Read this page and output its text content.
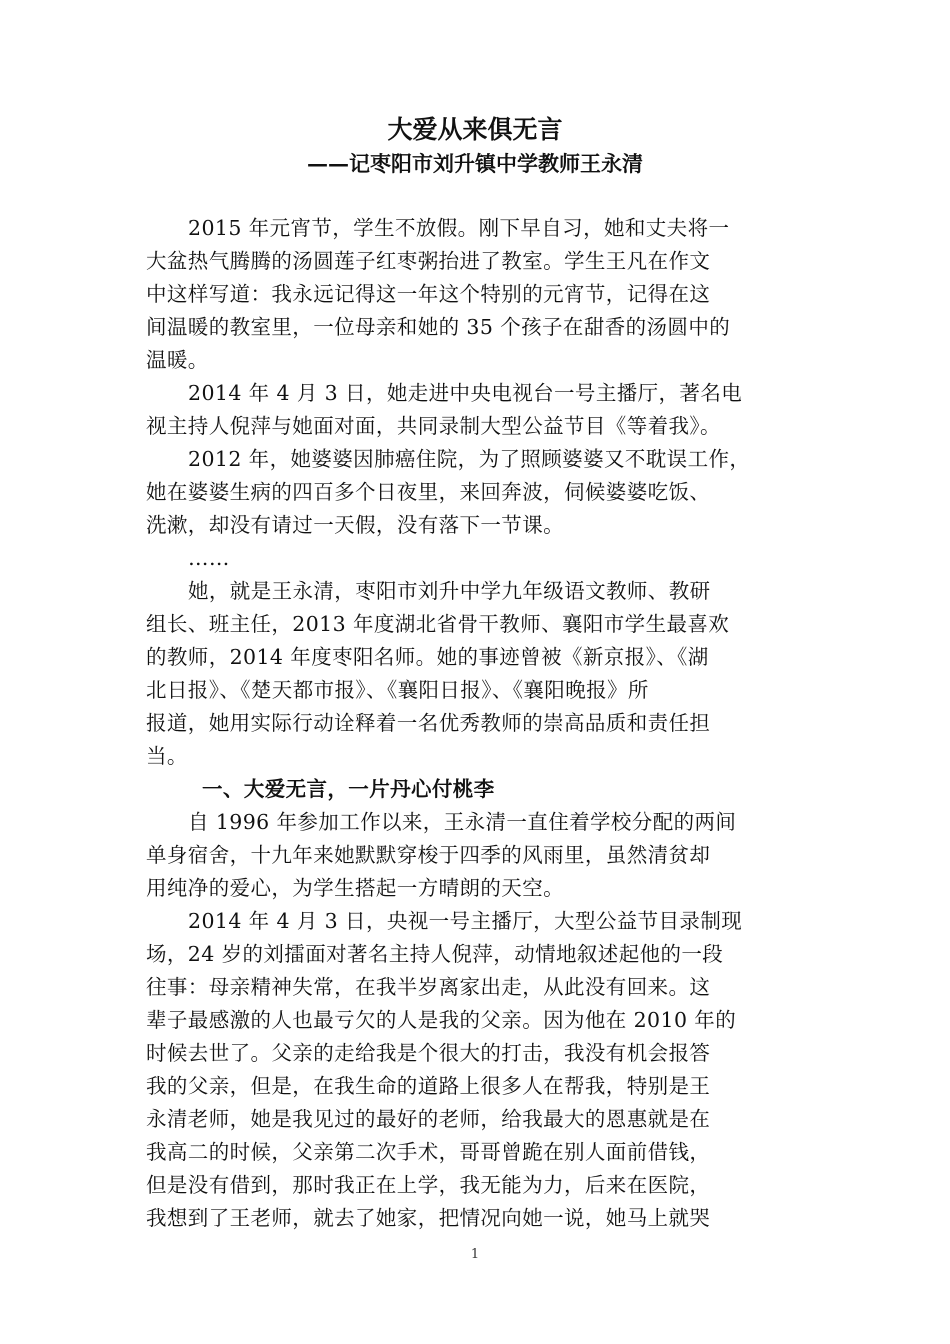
大爱从来俱无言
——记枣阳市刘升镇中学教师王永清
2015 年元宵节，学生不放假。刚下早自习，她和丈夫将一
大盆热气腾腾的汤圆莲子红枣粥抬进了教室。学生王凡在作文
中这样写道：我永远记得这一年这个特别的元宵节，记得在这
间温暖的教室里，一位母亲和她的 35 个孩子在甜香的汤圆中的
温暖。
2014 年 4 月 3 日，她走进中央电视台一号主播厅，著名电
视主持人倪萍与她面对面，共同录制大型公益节目《等着我》。
2012 年，她婆婆因肺癌住院，为了照顾婆婆又不耽误工作，
她在婆婆生病的四百多个日夜里，来回奔波，伺候婆婆吃饭、
洗漱，却没有请过一天假，没有落下一节课。
……
她，就是王永清，枣阳市刘升中学九年级语文教师、教研
组长、班主任，2013 年度湖北省骨干教师、襄阳市学生最喜欢
的教师，2014 年度枣阳名师。她的事迹曾被《新京报》、《湖
北日报》、《楚天都市报》、《襄阳日报》、《襄阳晚报》所
报道，她用实际行动诠释着一名优秀教师的崇高品质和责任担
当。
一、大爱无言，一片丹心付桃李
自 1996 年参加工作以来，王永清一直住着学校分配的两间
单身宿舍，十九年来她默默穿梭于四季的风雨里，虽然清贫却
用纯净的爱心，为学生搭起一方晴朗的天空。
2014 年 4 月 3 日，央视一号主播厅，大型公益节目录制现
场，24 岁的刘擂面对著名主持人倪萍，动情地叙述起他的一段
往事：母亲精神失常，在我半岁离家出走，从此没有回来。这
辈子最感激的人也最亏欠的人是我的父亲。因为他在 2010 年的
时候去世了。父亲的走给我是个很大的打击，我没有机会报答
我的父亲，但是，在我生命的道路上很多人在帮我，特别是王
永清老师，她是我见过的最好的老师，给我最大的恩惠就是在
我高二的时候，父亲第二次手术，哥哥曾跪在别人面前借钱，
但是没有借到，那时我正在上学，我无能为力，后来在医院，
我想到了王老师，就去了她家，把情况向她一说，她马上就哭
1
